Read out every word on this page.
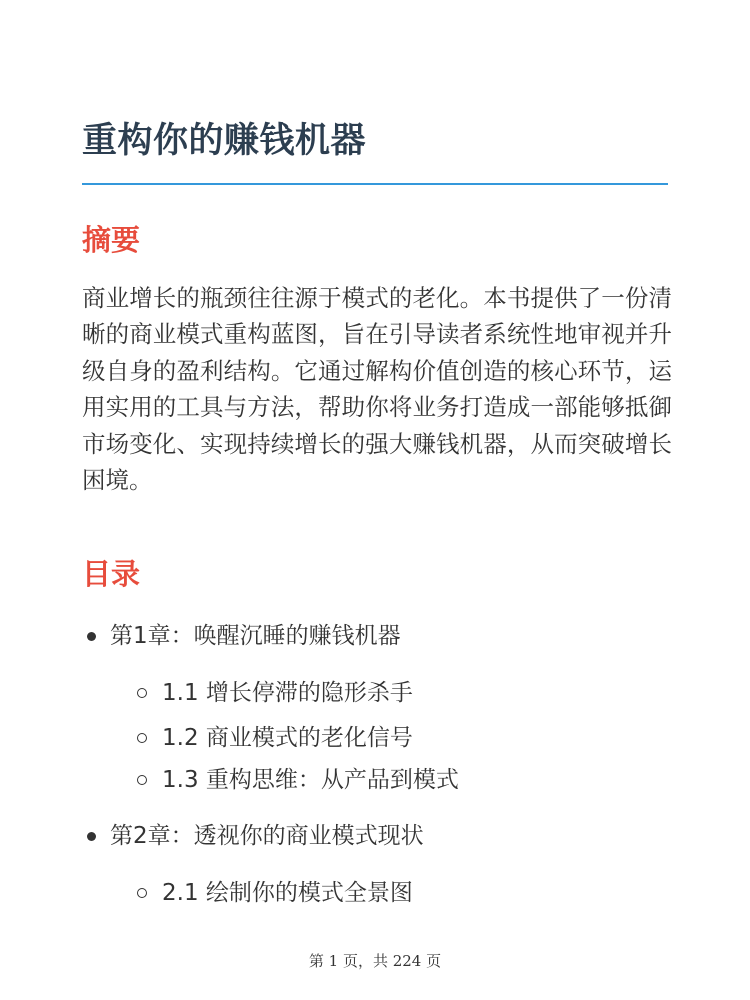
重构你的赚钱机器
摘要

商业增长的瓶颈往往源于模式的老化。本书提供了一份清晰的商业模式重构蓝图，旨在引导读者系统性地审视并升级自身的盈利结构。它通过解构价值创造的核心环节，运用实用的工具与方法，帮助你将业务打造成一部能够抵御市场变化、实现持续增长的强大赚钱机器，从而突破增长困境。

目录
第1章：唤醒沉睡的赚钱机器
1.1 增长停滞的隐形杀手
1.2 商业模式的老化信号
1.3 重构思维：从产品到模式
第2章：透视你的商业模式现状
2.1 绘制你的模式全景图
第 1 页，共 224 页
